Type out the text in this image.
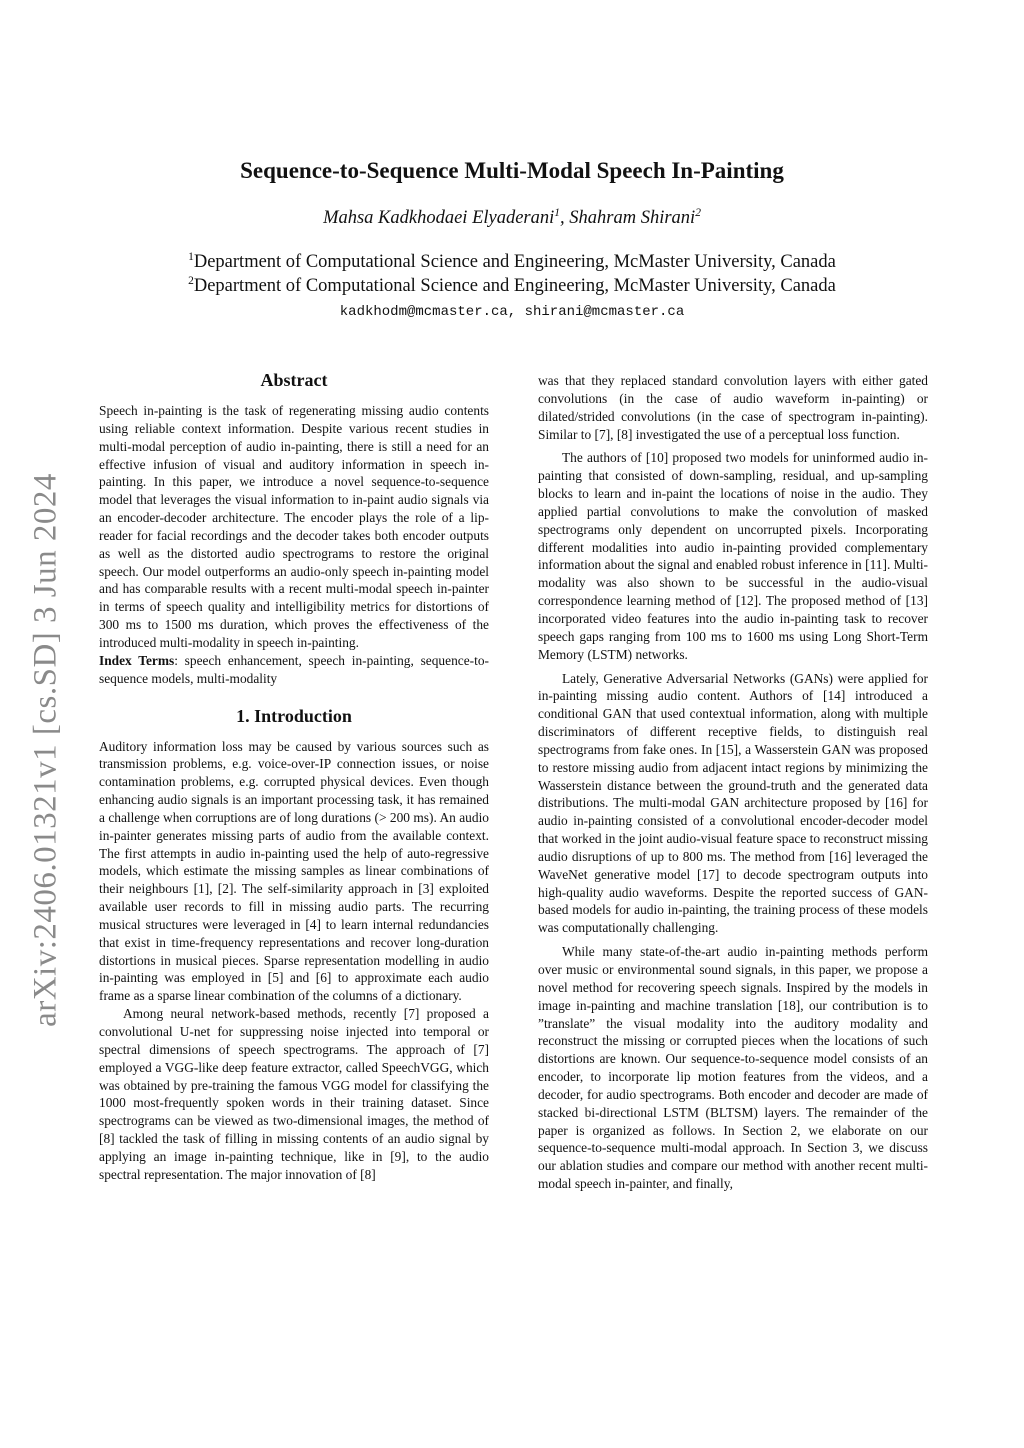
arXiv:2406.01321v1 [cs.SD] 3 Jun 2024
Sequence-to-Sequence Multi-Modal Speech In-Painting
Mahsa Kadkhodaei Elyaderani$^1$, Shahram Shirani$^2$
$^1$Department of Computational Science and Engineering, McMaster University, Canada
$^2$Department of Computational Science and Engineering, McMaster University, Canada
kadkhodm@mcmaster.ca, shirani@mcmaster.ca
Abstract

Speech in-painting is the task of regenerating missing audio contents using reliable context information. Despite various recent studies in multi-modal perception of audio in-painting, there is still a need for an effective infusion of visual and auditory information in speech in-painting. In this paper, we introduce a novel sequence-to-sequence model that leverages the visual information to in-paint audio signals via an encoder-decoder architecture. The encoder plays the role of a lip-reader for facial recordings and the decoder takes both encoder outputs as well as the distorted audio spectrograms to restore the original speech. Our model outperforms an audio-only speech in-painting model and has comparable results with a recent multi-modal speech in-painter in terms of speech quality and intelligibility metrics for distortions of 300 ms to 1500 ms duration, which proves the effectiveness of the introduced multi-modality in speech in-painting.

Index Terms: speech enhancement, speech in-painting, sequence-to-sequence models, multi-modality

1. Introduction

Auditory information loss may be caused by various sources such as transmission problems, e.g. voice-over-IP connection issues, or noise contamination problems, e.g. corrupted physical devices. Even though enhancing audio signals is an important processing task, it has remained a challenge when corruptions are of long durations (> 200 ms). An audio in-painter generates missing parts of audio from the available context. The first attempts in audio in-painting used the help of auto-regressive models, which estimate the missing samples as linear combinations of their neighbours [1], [2]. The self-similarity approach in [3] exploited available user records to fill in missing audio parts. The recurring musical structures were leveraged in [4] to learn internal redundancies that exist in time-frequency representations and recover long-duration distortions in musical pieces. Sparse representation modelling in audio in-painting was employed in [5] and [6] to approximate each audio frame as a sparse linear combination of the columns of a dictionary.

Among neural network-based methods, recently [7] proposed a convolutional U-net for suppressing noise injected into temporal or spectral dimensions of speech spectrograms. The approach of [7] employed a VGG-like deep feature extractor, called SpeechVGG, which was obtained by pre-training the famous VGG model for classifying the 1000 most-frequently spoken words in their training dataset. Since spectrograms can be viewed as two-dimensional images, the method of [8] tackled the task of filling in missing contents of an audio signal by applying an image in-painting technique, like in [9], to the audio spectral representation. The major innovation of [8]

was that they replaced standard convolution layers with either gated convolutions (in the case of audio waveform in-painting) or dilated/strided convolutions (in the case of spectrogram in-painting). Similar to [7], [8] investigated the use of a perceptual loss function.

The authors of [10] proposed two models for uninformed audio in-painting that consisted of down-sampling, residual, and up-sampling blocks to learn and in-paint the locations of noise in the audio. They applied partial convolutions to make the convolution of masked spectrograms only dependent on uncorrupted pixels. Incorporating different modalities into audio in-painting provided complementary information about the signal and enabled robust inference in [11]. Multi-modality was also shown to be successful in the audio-visual correspondence learning method of [12]. The proposed method of [13] incorporated video features into the audio in-painting task to recover speech gaps ranging from 100 ms to 1600 ms using Long Short-Term Memory (LSTM) networks.

Lately, Generative Adversarial Networks (GANs) were applied for in-painting missing audio content. Authors of [14] introduced a conditional GAN that used contextual information, along with multiple discriminators of different receptive fields, to distinguish real spectrograms from fake ones. In [15], a Wasserstein GAN was proposed to restore missing audio from adjacent intact regions by minimizing the Wasserstein distance between the ground-truth and the generated data distributions. The multi-modal GAN architecture proposed by [16] for audio in-painting consisted of a convolutional encoder-decoder model that worked in the joint audio-visual feature space to reconstruct missing audio disruptions of up to 800 ms. The method from [16] leveraged the WaveNet generative model [17] to decode spectrogram outputs into high-quality audio waveforms. Despite the reported success of GAN-based models for audio in-painting, the training process of these models was computationally challenging.

While many state-of-the-art audio in-painting methods perform over music or environmental sound signals, in this paper, we propose a novel method for recovering speech signals. Inspired by the models in image in-painting and machine translation [18], our contribution is to ”translate” the visual modality into the auditory modality and reconstruct the missing or corrupted pieces when the locations of such distortions are known. Our sequence-to-sequence model consists of an encoder, to incorporate lip motion features from the videos, and a decoder, for audio spectrograms. Both encoder and decoder are made of stacked bi-directional LSTM (BLTSM) layers. The remainder of the paper is organized as follows. In Section 2, we elaborate on our sequence-to-sequence multi-modal approach. In Section 3, we discuss our ablation studies and compare our method with another recent multi-modal speech in-painter, and finally,
